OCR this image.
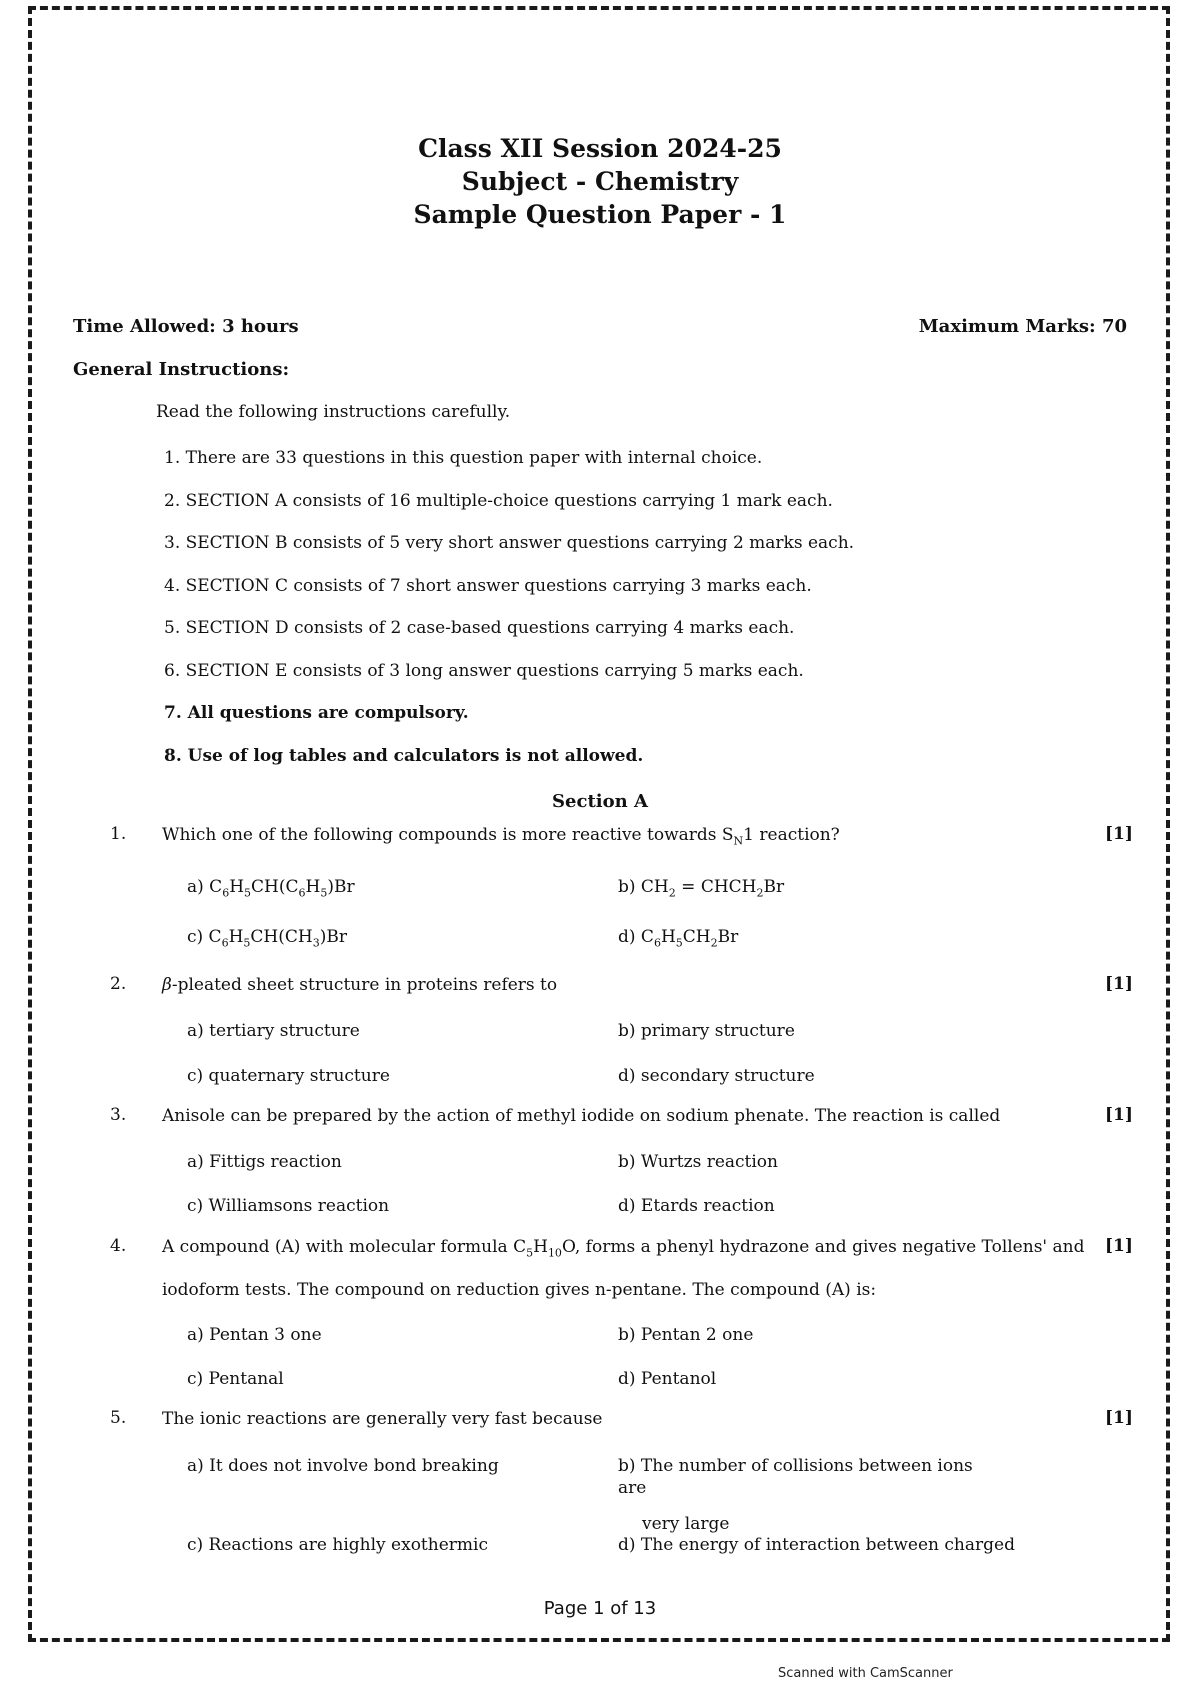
Class XII Session 2024-25
Subject - Chemistry
Sample Question Paper - 1
Time Allowed: 3 hours	Maximum Marks: 70
General Instructions:
Read the following instructions carefully.
1. There are 33 questions in this question paper with internal choice.
2. SECTION A consists of 16 multiple-choice questions carrying 1 mark each.
3. SECTION B consists of 5 very short answer questions carrying 2 marks each.
4. SECTION C consists of 7 short answer questions carrying 3 marks each.
5. SECTION D consists of 2 case-based questions carrying 4 marks each.
6. SECTION E consists of 3 long answer questions carrying 5 marks each.
7. All questions are compulsory.
8. Use of log tables and calculators is not allowed.
Section A
1. Which one of the following compounds is more reactive towards $S_N1$ reaction?	[1]
a) $C_6H_5CH(C_6H_5)Br$	b) $CH_2$ = $CHCH_2Br$
c) $C_6H_5CH(CH_3)Br$	d) $C_6H_5CH_2Br$
2. β-pleated sheet structure in proteins refers to	[1]
a) tertiary structure	b) primary structure
c) quaternary structure	d) secondary structure
3. Anisole can be prepared by the action of methyl iodide on sodium phenate. The reaction is called	[1]
a) Fittigs reaction	b) Wurtzs reaction
c) Williamsons reaction	d) Etards reaction
4. A compound (A) with molecular formula $C_5H_{10}O$, forms a phenyl hydrazone and gives negative Tollens' and
iodoform tests. The compound on reduction gives n-pentane. The compound (A) is:
[1]
a) Pentan 3 one	b) Pentan 2 one
c) Pentanal	d) Pentanol
5. The ionic reactions are generally very fast because	[1]
a) It does not involve bond breaking	b) The number of collisions between ions are
very large
c) Reactions are highly exothermic	d) The energy of interaction between charged
Page 1 of 13
Scanned with CamScanner
